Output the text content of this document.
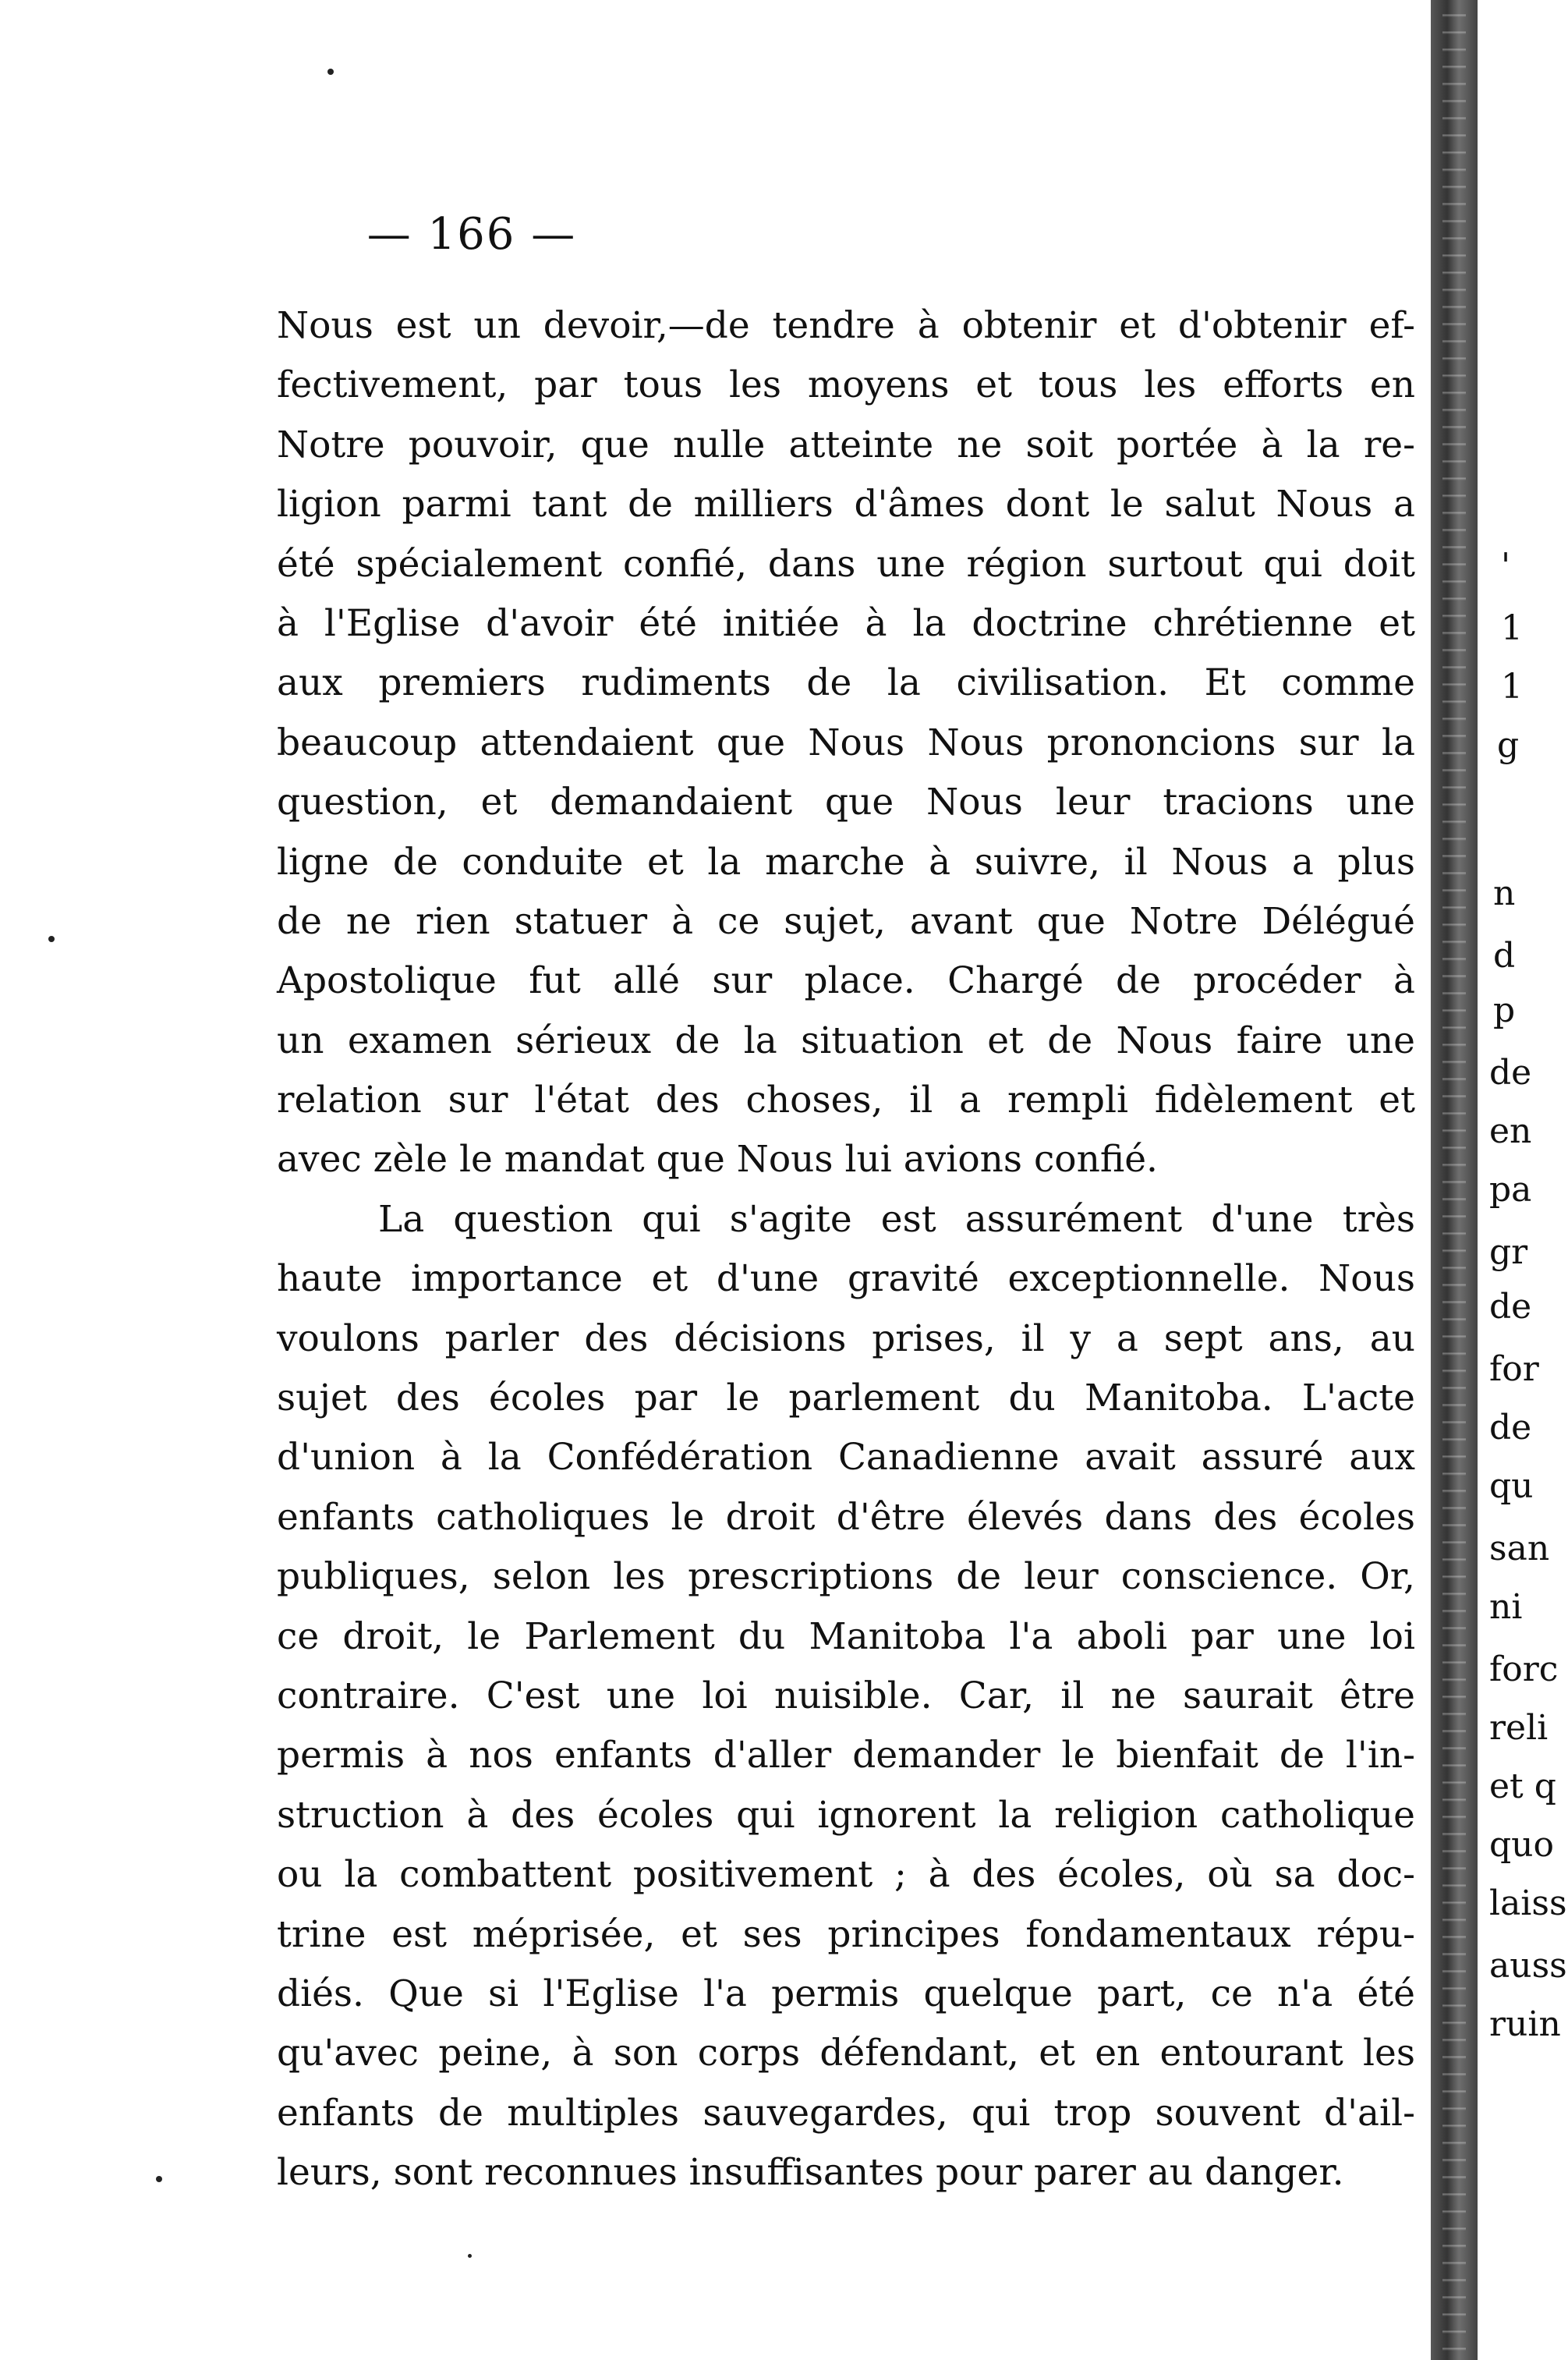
— 166 —
Nous est un devoir,—de tendre à obtenir et d'obtenir ef-
fectivement, par tous les moyens et tous les efforts en
Notre pouvoir, que nulle atteinte ne soit portée à la re-
ligion parmi tant de milliers d'âmes dont le salut Nous a
été spécialement confié, dans une région surtout qui doit
à l'Eglise d'avoir été initiée à la doctrine chrétienne et
aux premiers rudiments de la civilisation. Et comme
beaucoup attendaient que Nous Nous prononcions sur la
question, et demandaient que Nous leur tracions une
ligne de conduite et la marche à suivre, il Nous a plus
de ne rien statuer à ce sujet, avant que Notre Délégué
Apostolique fut allé sur place. Chargé de procéder à
un examen sérieux de la situation et de Nous faire une
relation sur l'état des choses, il a rempli fidèlement et
avec zèle le mandat que Nous lui avions confié.
La question qui s'agite est assurément d'une très
haute importance et d'une gravité exceptionnelle. Nous
voulons parler des décisions prises, il y a sept ans, au
sujet des écoles par le parlement du Manitoba. L'acte
d'union à la Confédération Canadienne avait assuré aux
enfants catholiques le droit d'être élevés dans des écoles
publiques, selon les prescriptions de leur conscience. Or,
ce droit, le Parlement du Manitoba l'a aboli par une loi
contraire. C'est une loi nuisible. Car, il ne saurait être
permis à nos enfants d'aller demander le bienfait de l'in-
struction à des écoles qui ignorent la religion catholique
ou la combattent positivement ; à des écoles, où sa doc-
trine est méprisée, et ses principes fondamentaux répu-
diés. Que si l'Eglise l'a permis quelque part, ce n'a été
qu'avec peine, à son corps défendant, et en entourant les
enfants de multiples sauvegardes, qui trop souvent d'ail-
leurs, sont reconnues insuffisantes pour parer au danger.
'
1
1
g
n
d
p
de
en
pa
gr
de
for
de
qu
san
ni
forc
reli
et q
quo
laiss
auss
ruin
